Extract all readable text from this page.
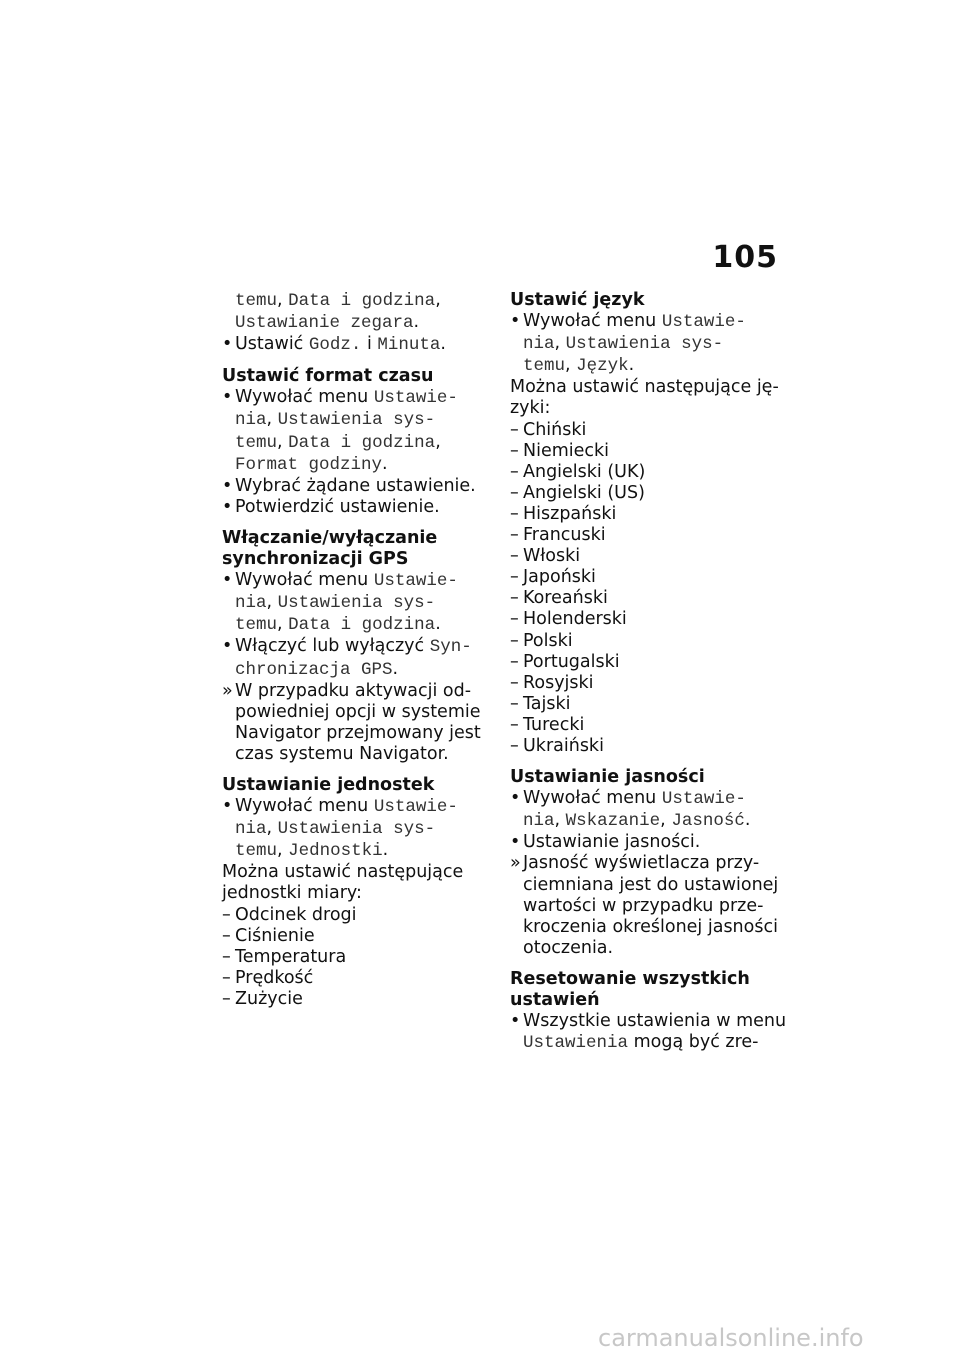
105
temu, Data i godzina,
Ustawianie zegara.
• Ustawić Godz. i Minuta.
Ustawić format czasu
• Wywołać menu Ustawie-
nia, Ustawienia sys-
temu, Data i godzina,
Format godziny.
• Wybrać żądane ustawienie.
• Potwierdzić ustawienie.
Włączanie/wyłączanie
synchronizacji GPS
• Wywołać menu Ustawie-
nia, Ustawienia sys-
temu, Data i godzina.
• Włączyć lub wyłączyć Syn-
chronizacja GPS.
» W przypadku aktywacji od-
powiedniej opcji w systemie
Navigator przejmowany jest
czas systemu Navigator.
Ustawianie jednostek
• Wywołać menu Ustawie-
nia, Ustawienia sys-
temu, Jednostki.
Można ustawić następujące
jednostki miary:
– Odcinek drogi
– Ciśnienie
– Temperatura
– Prędkość
– Zużycie
Ustawić język
• Wywołać menu Ustawie-
nia, Ustawienia sys-
temu, Język.
Można ustawić następujące ję-
zyki:
– Chiński
– Niemiecki
– Angielski (UK)
– Angielski (US)
– Hiszpański
– Francuski
– Włoski
– Japoński
– Koreański
– Holenderski
– Polski
– Portugalski
– Rosyjski
– Tajski
– Turecki
– Ukraiński
Ustawianie jasności
• Wywołać menu Ustawie-
nia, Wskazanie, Jasność.
• Ustawianie jasności.
» Jasność wyświetlacza przy-
ciemniana jest do ustawionej
wartości w przypadku prze-
kroczenia określonej jasności
otoczenia.
Resetowanie wszystkich
ustawień
• Wszystkie ustawienia w menu
Ustawienia mogą być zre-
carmanualsonline.info
